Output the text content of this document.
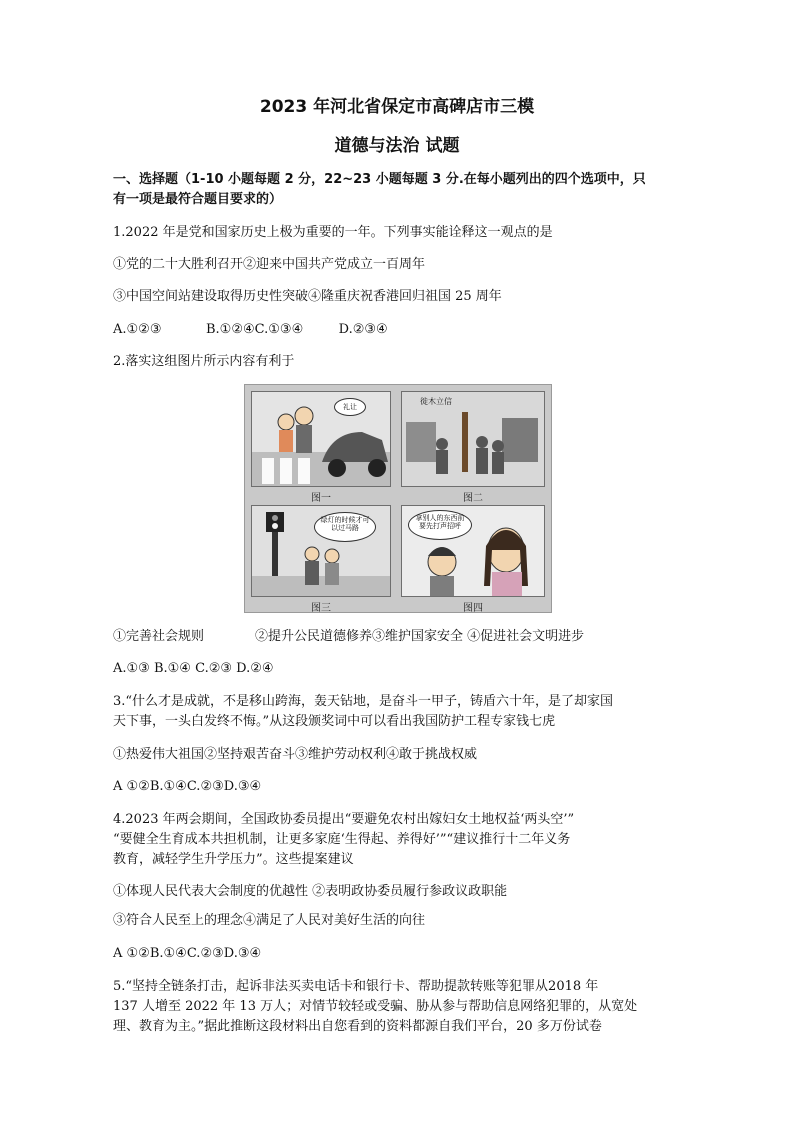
2023 年河北省保定市高碑店市三模
道德与法治 试题
一、选择题（1-10 小题每题 2 分，22~23 小题每题 3 分.在每小题列出的四个选项中，只
有一项是最符合题目要求的）
1.2022 年是党和国家历史上极为重要的一年。下列事实能诠释这一观点的是
①党的二十大胜利召开②迎来中国共产党成立一百周年
③中国空间站建设取得历史性突破④隆重庆祝香港回归祖国 25 周年
A.①②③	B.①②④C.①③④	D.②③④
2.落实这组图片所示内容有利于
礼让
图一
徙木立信
图二
绿灯的时候才可以过马路
图三
拿别人的东西前要先打声招呼
图四
①完善社会规则	②提升公民道德修养③维护国家安全 ④促进社会文明进步
A.①③ B.①④ C.②③ D.②④
3.“什么才是成就，不是移山跨海，轰天钻地，是奋斗一甲子，铸盾六十年，是了却家国
天下事，一头白发终不悔。”从这段颁奖词中可以看出我国防护工程专家钱七虎
①热爱伟大祖国②坚持艰苦奋斗③维护劳动权利④敢于挑战权威
A ①②B.①④C.②③D.③④
4.2023 年两会期间，全国政协委员提出“要避免农村出嫁妇女土地权益‘两头空’”
“要健全生育成本共担机制，让更多家庭‘生得起、养得好’”“建议推行十二年义务
教育，减轻学生升学压力”。这些提案建议
①体现人民代表大会制度的优越性 ②表明政协委员履行参政议政职能
③符合人民至上的理念④满足了人民对美好生活的向往
A ①②B.①④C.②③D.③④
5.“坚持全链条打击，起诉非法买卖电话卡和银行卡、帮助提款转账等犯罪从2018 年
137 人增至 2022 年 13 万人；对情节较轻或受骗、胁从参与帮助信息网络犯罪的，从宽处
理、教育为主。”据此推断这段材料出自您看到的资料都源自我们平台，20 多万份试卷
